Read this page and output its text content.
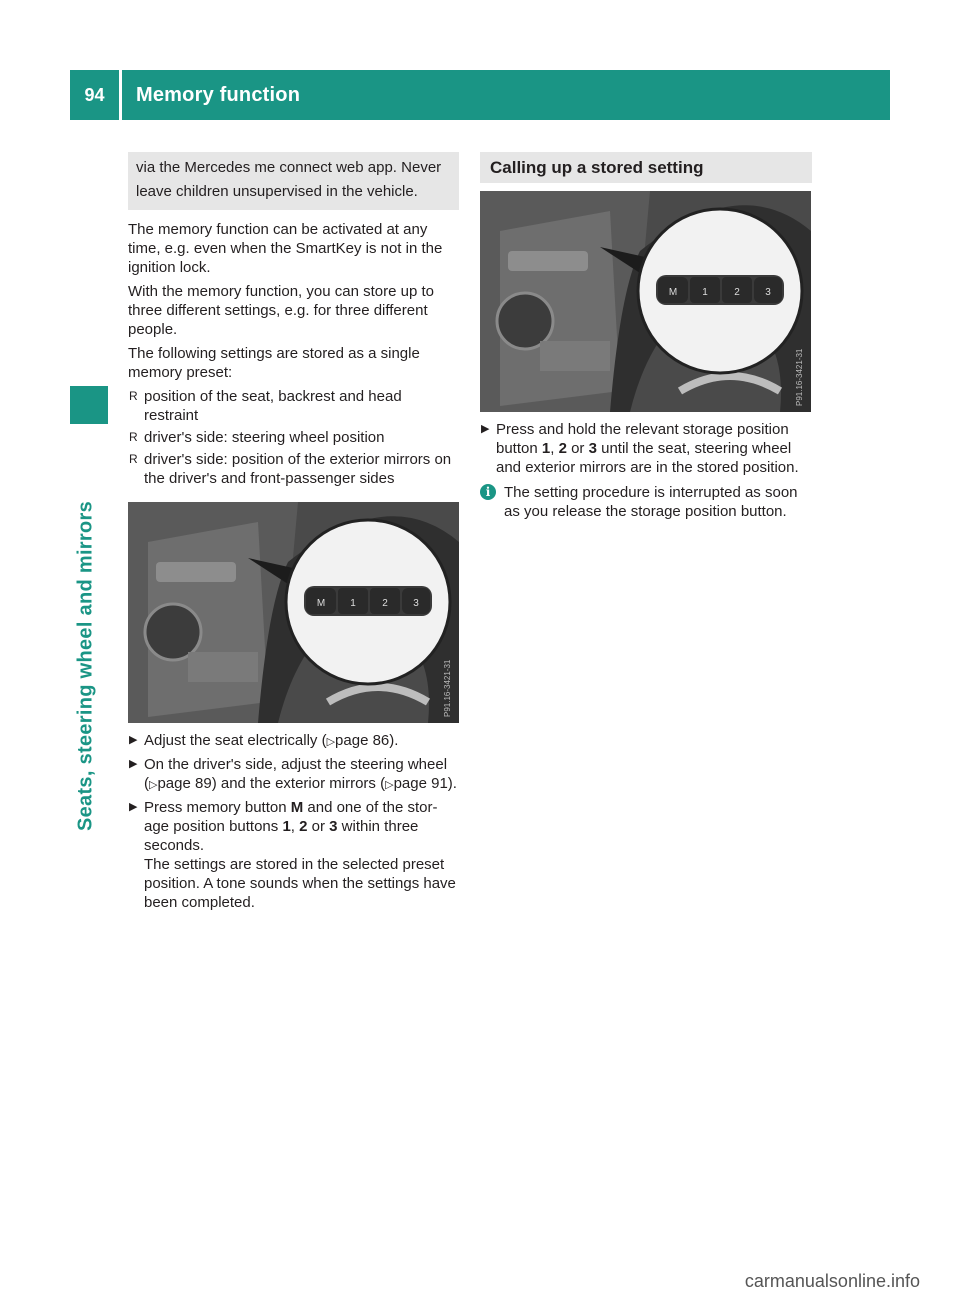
94	Memory function
Seats, steering wheel and mirrors
via the Mercedes me connect web app. Never leave children unsupervised in the vehicle.

The memory function can be activated at any time, e.g. even when the SmartKey is not in the ignition lock.

With the memory function, you can store up to three different settings, e.g. for three different people.

The following settings are stored as a single memory preset:

R position of the seat, backrest and head restraint
R driver's side: steering wheel position
R driver's side: position of the exterior mirrors on the driver's and front-passenger sides
M	1	2	3
P91.16-3421-31
▶ Adjust the seat electrically (▷page 86).
▶ On the driver's side, adjust the steering wheel (▷page 89) and the exterior mirrors (▷page 91).
▶ Press memory button M and one of the stor-age position buttons 1, 2 or 3 within three seconds.
The settings are stored in the selected preset position. A tone sounds when the settings have been completed.
Calling up a stored setting
M	1	2	3
P91.16-3421-31
▶ Press and hold the relevant storage position button 1, 2 or 3 until the seat, steering wheel and exterior mirrors are in the stored position.
i The setting procedure is interrupted as soon as you release the storage position button.
carmanualsonline.info
